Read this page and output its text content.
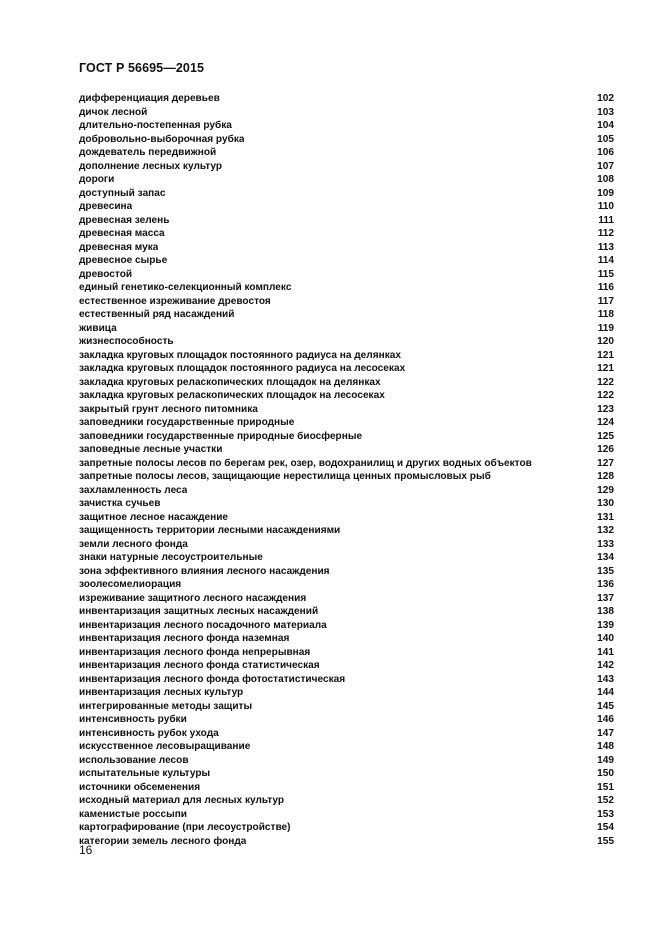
ГОСТ Р 56695—2015
дифференциация деревьев	102
дичок лесной	103
длительно-постепенная рубка	104
добровольно-выборочная рубка	105
дождеватель передвижной	106
дополнение лесных культур	107
дороги	108
доступный запас	109
древесина	110
древесная зелень	111
древесная масса	112
древесная мука	113
древесное сырье	114
древостой	115
единый генетико-селекционный комплекс	116
естественное изреживание древостоя	117
естественный ряд насаждений	118
живица	119
жизнеспособность	120
закладка круговых площадок постоянного радиуса на делянках	121
закладка круговых площадок постоянного радиуса на лесосеках	121
закладка круговых реласкопических площадок на делянках	122
закладка круговых реласкопических площадок на лесосеках	122
закрытый грунт лесного питомника	123
заповедники государственные природные	124
заповедники государственные природные биосферные	125
заповедные лесные участки	126
запретные полосы лесов по берегам рек, озер, водохранилищ и других водных объектов	127
запретные полосы лесов, защищающие нерестилища ценных промысловых рыб	128
захламленность леса	129
зачистка сучьев	130
защитное лесное насаждение	131
защищенность территории лесными насаждениями	132
земли лесного фонда	133
знаки натурные лесоустроительные	134
зона эффективного влияния лесного насаждения	135
зоолесомелиорация	136
изреживание защитного лесного насаждения	137
инвентаризация защитных лесных насаждений	138
инвентаризация лесного посадочного материала	139
инвентаризация лесного фонда наземная	140
инвентаризация лесного фонда непрерывная	141
инвентаризация лесного фонда статистическая	142
инвентаризация лесного фонда фотостатистическая	143
инвентаризация лесных культур	144
интегрированные методы защиты	145
интенсивность рубки	146
интенсивность рубок ухода	147
искусственное лесовыращивание	148
использование лесов	149
испытательные культуры	150
источники обсеменения	151
исходный материал для лесных культур	152
каменистые россыпи	153
картографирование (при лесоустройстве)	154
категории земель лесного фонда	155
16
